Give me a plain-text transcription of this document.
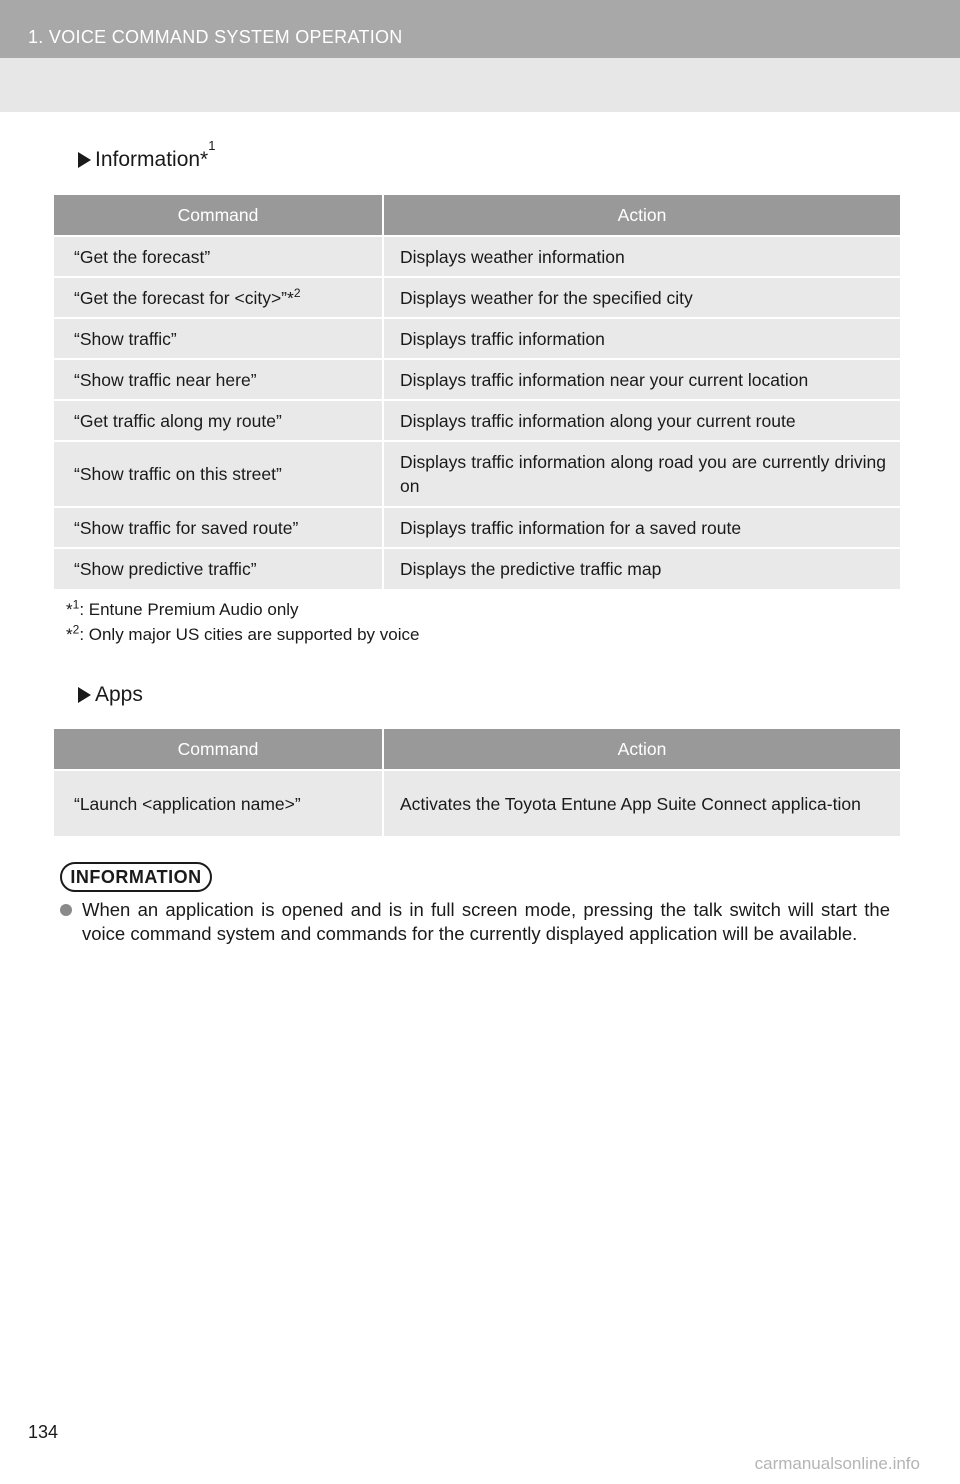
1. VOICE COMMAND SYSTEM OPERATION
Information*
$^1$
Command	Action
“Get the forecast”	Displays weather information
“Get the forecast for <city>”*$^2$	Displays weather for the specified city
“Show traffic”	Displays traffic information
“Show traffic near here”	Displays traffic information near your current location
“Get traffic along my route”	Displays traffic information along your current route
“Show traffic on this street”	Displays traffic information along road you are currently driving on
“Show traffic for saved route”	Displays traffic information for a saved route
“Show predictive traffic”	Displays the predictive traffic map
*$^1$: Entune Premium Audio only
*$^2$: Only major US cities are supported by voice
Apps
Command	Action
“Launch <application name>”	Activates the Toyota Entune App Suite Connect applica-tion
INFORMATION
When an application is opened and is in full screen mode, pressing the talk switch will start the voice command system and commands for the currently displayed application will be available.
134
carmanualsonline.info
